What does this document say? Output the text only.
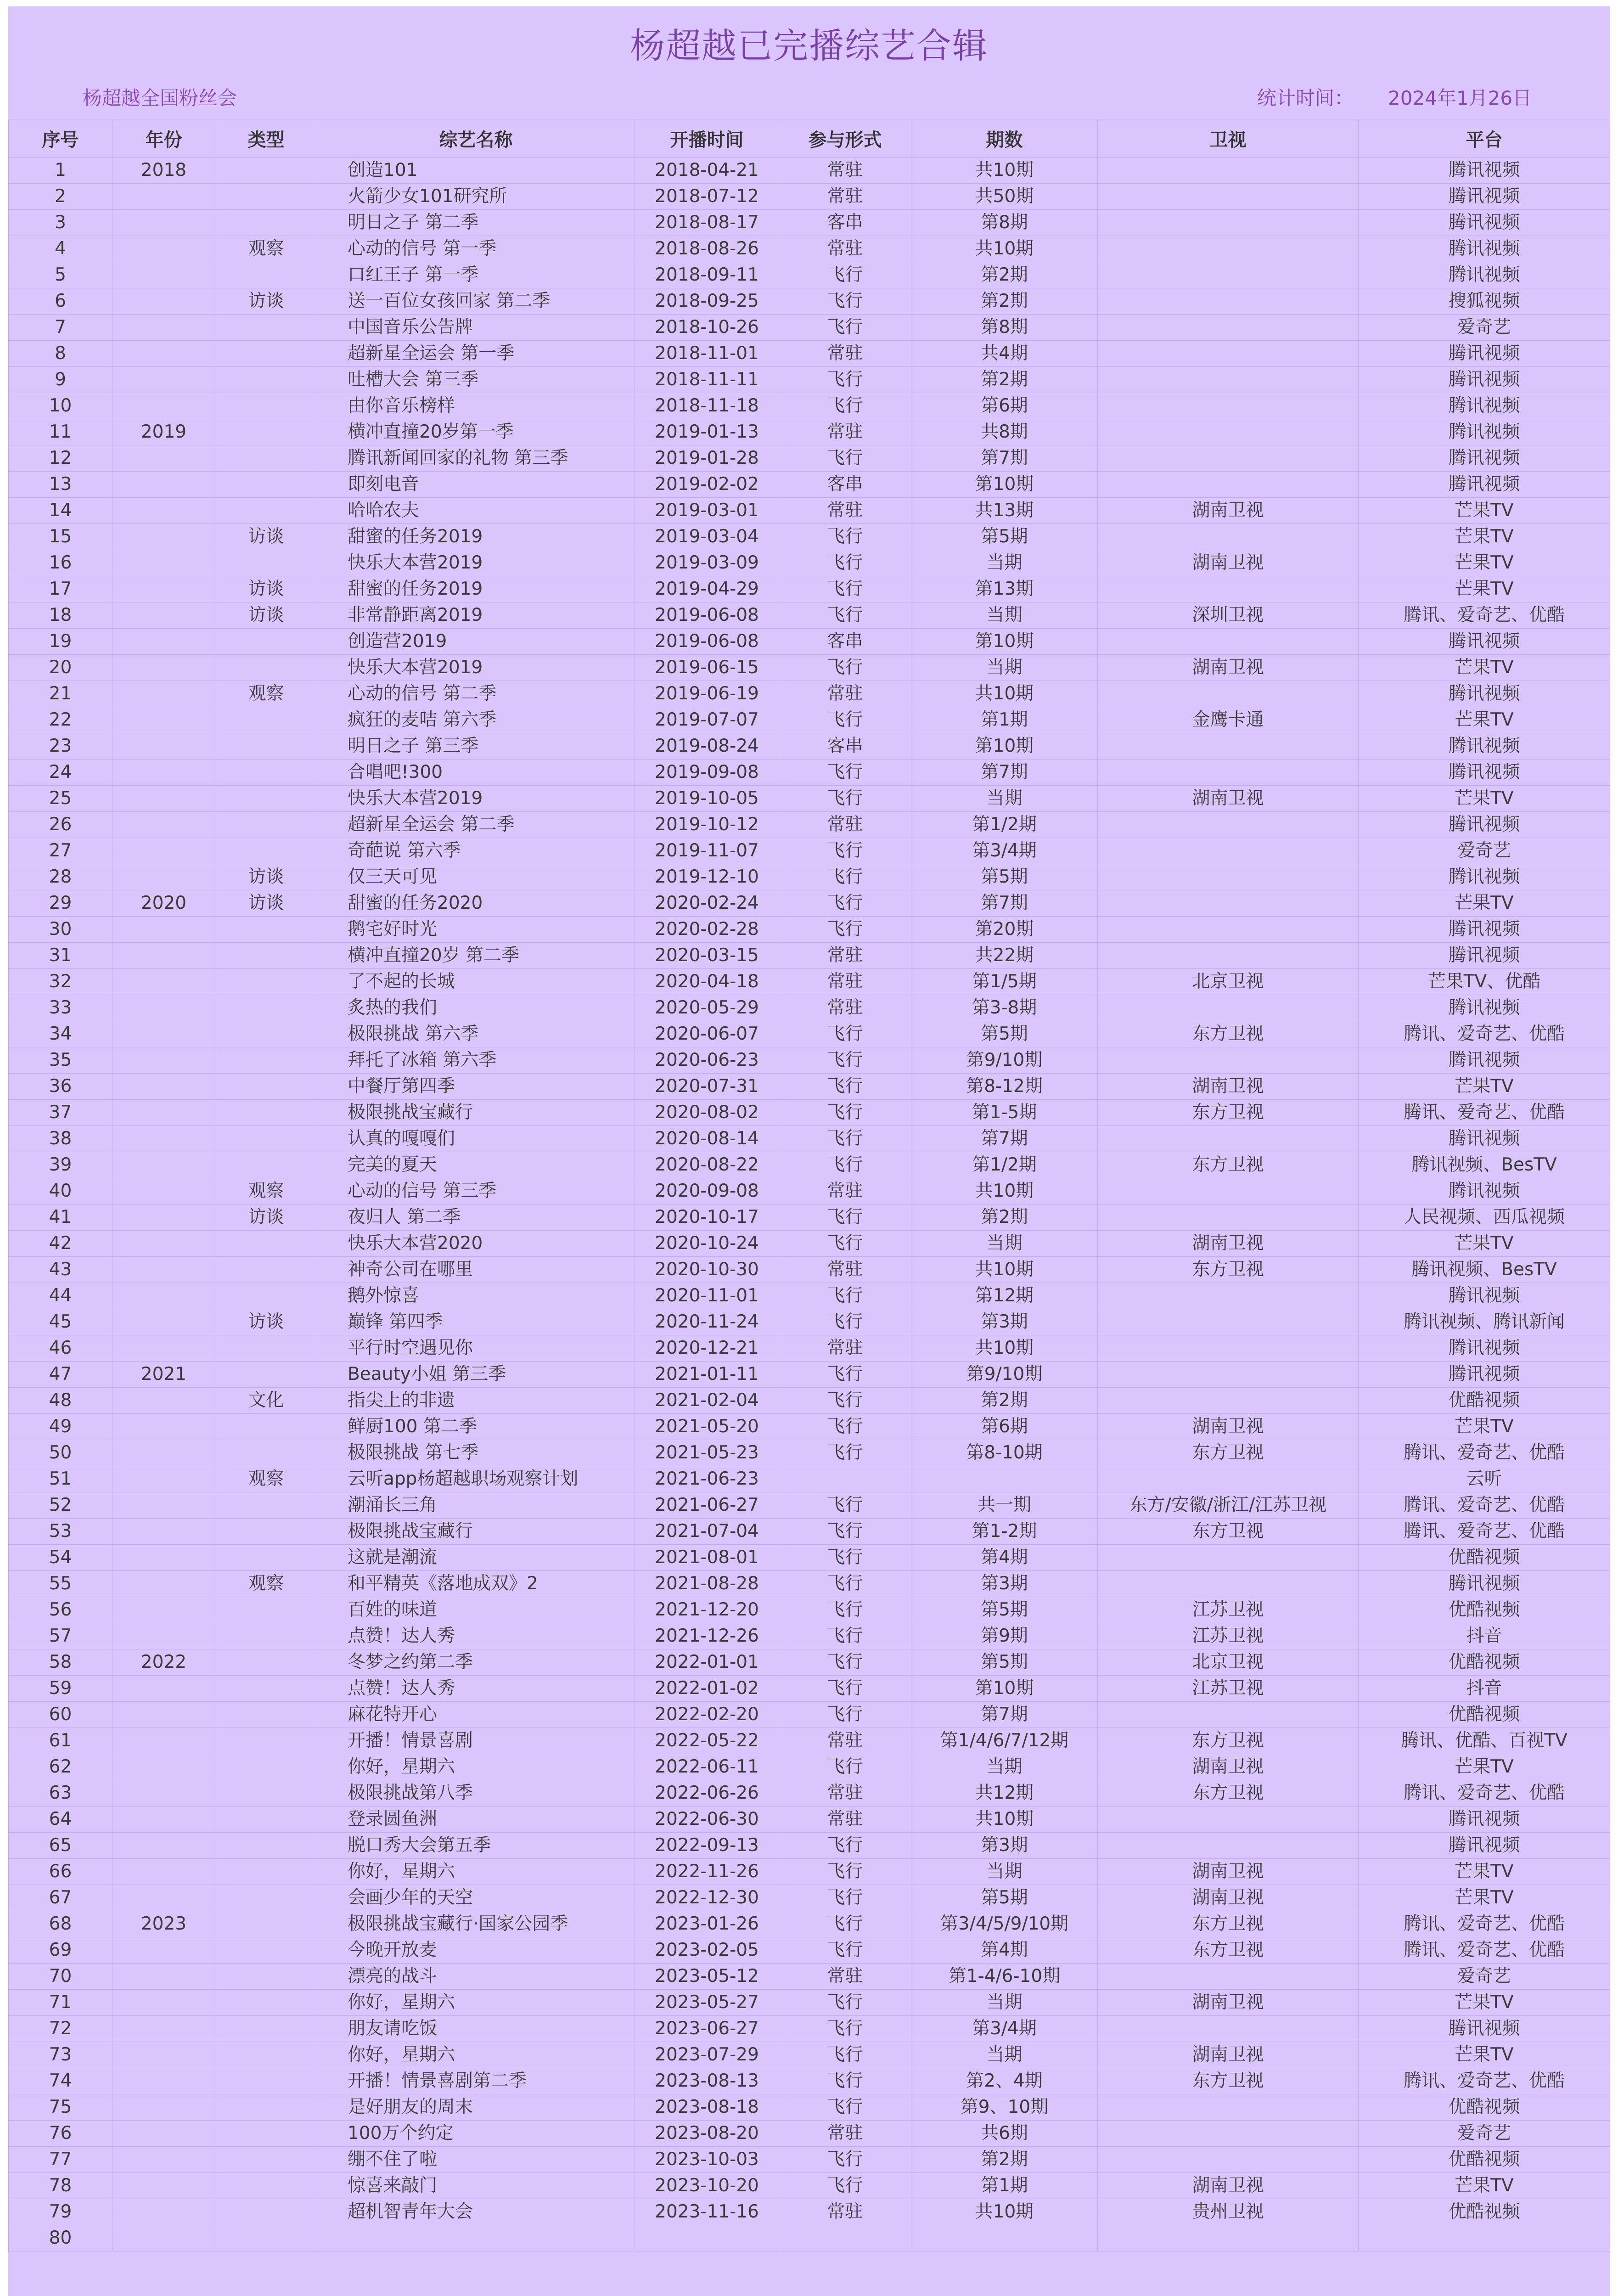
杨超越已完播综艺合辑
杨超越全国粉丝会	统计时间： 2024年1月26日
序号	年份	类型	综艺名称	开播时间	参与形式	期数	卫视	平台
1	2018		创造101	2018-04-21	常驻	共10期		腾讯视频
2			火箭少女101研究所	2018-07-12	常驻	共50期		腾讯视频
3			明日之子 第二季	2018-08-17	客串	第8期		腾讯视频
4		观察	心动的信号 第一季	2018-08-26	常驻	共10期		腾讯视频
5			口红王子 第一季	2018-09-11	飞行	第2期		腾讯视频
6		访谈	送一百位女孩回家 第二季	2018-09-25	飞行	第2期		搜狐视频
7			中国音乐公告牌	2018-10-26	飞行	第8期		爱奇艺
8			超新星全运会 第一季	2018-11-01	常驻	共4期		腾讯视频
9			吐槽大会 第三季	2018-11-11	飞行	第2期		腾讯视频
10			由你音乐榜样	2018-11-18	飞行	第6期		腾讯视频
11	2019		横冲直撞20岁第一季	2019-01-13	常驻	共8期		腾讯视频
12			腾讯新闻回家的礼物 第三季	2019-01-28	飞行	第7期		腾讯视频
13			即刻电音	2019-02-02	客串	第10期		腾讯视频
14			哈哈农夫	2019-03-01	常驻	共13期	湖南卫视	芒果TV
15		访谈	甜蜜的任务2019	2019-03-04	飞行	第5期		芒果TV
16			快乐大本营2019	2019-03-09	飞行	当期	湖南卫视	芒果TV
17		访谈	甜蜜的任务2019	2019-04-29	飞行	第13期		芒果TV
18		访谈	非常静距离2019	2019-06-08	飞行	当期	深圳卫视	腾讯、爱奇艺、优酷
19			创造营2019	2019-06-08	客串	第10期		腾讯视频
20			快乐大本营2019	2019-06-15	飞行	当期	湖南卫视	芒果TV
21		观察	心动的信号 第二季	2019-06-19	常驻	共10期		腾讯视频
22			疯狂的麦咭 第六季	2019-07-07	飞行	第1期	金鹰卡通	芒果TV
23			明日之子 第三季	2019-08-24	客串	第10期		腾讯视频
24			合唱吧!300	2019-09-08	飞行	第7期		腾讯视频
25			快乐大本营2019	2019-10-05	飞行	当期	湖南卫视	芒果TV
26			超新星全运会 第二季	2019-10-12	常驻	第1/2期		腾讯视频
27			奇葩说 第六季	2019-11-07	飞行	第3/4期		爱奇艺
28		访谈	仅三天可见	2019-12-10	飞行	第5期		腾讯视频
29	2020	访谈	甜蜜的任务2020	2020-02-24	飞行	第7期		芒果TV
30			鹅宅好时光	2020-02-28	飞行	第20期		腾讯视频
31			横冲直撞20岁 第二季	2020-03-15	常驻	共22期		腾讯视频
32			了不起的长城	2020-04-18	常驻	第1/5期	北京卫视	芒果TV、优酷
33			炙热的我们	2020-05-29	常驻	第3-8期		腾讯视频
34			极限挑战 第六季	2020-06-07	飞行	第5期	东方卫视	腾讯、爱奇艺、优酷
35			拜托了冰箱 第六季	2020-06-23	飞行	第9/10期		腾讯视频
36			中餐厅第四季	2020-07-31	飞行	第8-12期	湖南卫视	芒果TV
37			极限挑战宝藏行	2020-08-02	飞行	第1-5期	东方卫视	腾讯、爱奇艺、优酷
38			认真的嘎嘎们	2020-08-14	飞行	第7期		腾讯视频
39			完美的夏天	2020-08-22	飞行	第1/2期	东方卫视	腾讯视频、BesTV
40		观察	心动的信号 第三季	2020-09-08	常驻	共10期		腾讯视频
41		访谈	夜归人 第二季	2020-10-17	飞行	第2期		人民视频、西瓜视频
42			快乐大本营2020	2020-10-24	飞行	当期	湖南卫视	芒果TV
43			神奇公司在哪里	2020-10-30	常驻	共10期	东方卫视	腾讯视频、BesTV
44			鹅外惊喜	2020-11-01	飞行	第12期		腾讯视频
45		访谈	巅锋 第四季	2020-11-24	飞行	第3期		腾讯视频、腾讯新闻
46			平行时空遇见你	2020-12-21	常驻	共10期		腾讯视频
47	2021		Beauty小姐 第三季	2021-01-11	飞行	第9/10期		腾讯视频
48		文化	指尖上的非遗	2021-02-04	飞行	第2期		优酷视频
49			鲜厨100 第二季	2021-05-20	飞行	第6期	湖南卫视	芒果TV
50			极限挑战 第七季	2021-05-23	飞行	第8-10期	东方卫视	腾讯、爱奇艺、优酷
51		观察	云听app杨超越职场观察计划	2021-06-23				云听
52			潮涌长三角	2021-06-27	飞行	共一期	东方/安徽/浙江/江苏卫视	腾讯、爱奇艺、优酷
53			极限挑战宝藏行	2021-07-04	飞行	第1-2期	东方卫视	腾讯、爱奇艺、优酷
54			这就是潮流	2021-08-01	飞行	第4期		优酷视频
55		观察	和平精英《落地成双》2	2021-08-28	飞行	第3期		腾讯视频
56			百姓的味道	2021-12-20	飞行	第5期	江苏卫视	优酷视频
57			点赞！达人秀	2021-12-26	飞行	第9期	江苏卫视	抖音
58	2022		冬梦之约第二季	2022-01-01	飞行	第5期	北京卫视	优酷视频
59			点赞！达人秀	2022-01-02	飞行	第10期	江苏卫视	抖音
60			麻花特开心	2022-02-20	飞行	第7期		优酷视频
61			开播！情景喜剧	2022-05-22	常驻	第1/4/6/7/12期	东方卫视	腾讯、优酷、百视TV
62			你好，星期六	2022-06-11	飞行	当期	湖南卫视	芒果TV
63			极限挑战第八季	2022-06-26	常驻	共12期	东方卫视	腾讯、爱奇艺、优酷
64			登录圆鱼洲	2022-06-30	常驻	共10期		腾讯视频
65			脱口秀大会第五季	2022-09-13	飞行	第3期		腾讯视频
66			你好，星期六	2022-11-26	飞行	当期	湖南卫视	芒果TV
67			会画少年的天空	2022-12-30	飞行	第5期	湖南卫视	芒果TV
68	2023		极限挑战宝藏行·国家公园季	2023-01-26	飞行	第3/4/5/9/10期	东方卫视	腾讯、爱奇艺、优酷
69			今晚开放麦	2023-02-05	飞行	第4期	东方卫视	腾讯、爱奇艺、优酷
70			漂亮的战斗	2023-05-12	常驻	第1-4/6-10期		爱奇艺
71			你好，星期六	2023-05-27	飞行	当期	湖南卫视	芒果TV
72			朋友请吃饭	2023-06-27	飞行	第3/4期		腾讯视频
73			你好，星期六	2023-07-29	飞行	当期	湖南卫视	芒果TV
74			开播！情景喜剧第二季	2023-08-13	飞行	第2、4期	东方卫视	腾讯、爱奇艺、优酷
75			是好朋友的周末	2023-08-18	飞行	第9、10期		优酷视频
76			100万个约定	2023-08-20	常驻	共6期		爱奇艺
77			绷不住了啦	2023-10-03	飞行	第2期		优酷视频
78			惊喜来敲门	2023-10-20	飞行	第1期	湖南卫视	芒果TV
79			超机智青年大会	2023-11-16	常驻	共10期	贵州卫视	优酷视频
80								
